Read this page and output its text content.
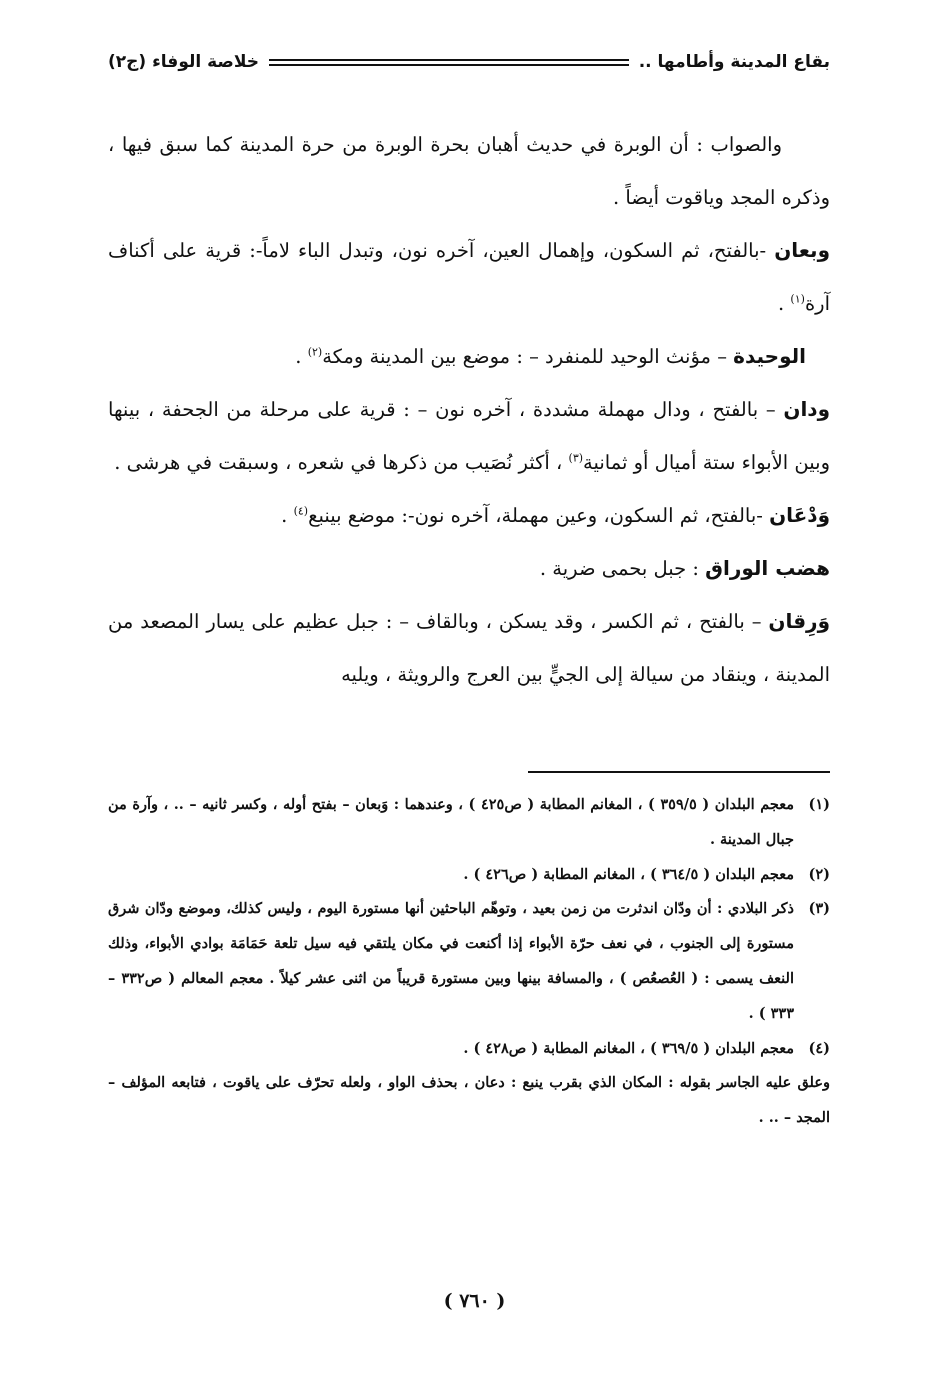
خلاصة الوفاء (ج٢)	بقاع المدينة وأطامها ..

والصواب : أن الوبرة في حديث أهبان بحرة الوبرة من حرة المدينة كما سبق فيها ، وذكره المجد وياقوت أيضاً .

وبعان -بالفتح، ثم السكون، وإهمال العين، آخره نون، وتبدل الباء لاماً-: قرية على أكناف آرة$^{(١)}$ .

الوحيدة – مؤنث الوحيد للمنفرد – : موضع بين المدينة ومكة$^{(٢)}$ .

ودان – بالفتح ، ودال مهملة مشددة ، آخره نون – : قرية على مرحلة من الجحفة ، بينها وبين الأبواء ستة أميال أو ثمانية$^{(٣)}$ ، أكثر نُصَيب من ذكرها في شعره ، وسبقت في هرشى .

وَدْعَان -بالفتح، ثم السكون، وعين مهملة، آخره نون-: موضع بينبع$^{(٤)}$ .

هضب الوراق : جبل بحمى ضرية .

وَرِقان – بالفتح ، ثم الكسر ، وقد يسكن ، وبالقاف – : جبل عظيم على يسار المصعد من المدينة ، وينقاد من سيالة إلى الجيٍّ بين العرج والرويثة ، ويليه

(١)
معجم البلدان ( ٣٥٩/٥ ) ، المغانم المطابة ( ص٤٢٥ ) ، وعندهما : وَبعان – بفتح أوله ، وكسر ثانيه – .. ، وآرة من جبال المدينة .
(٢)
معجم البلدان ( ٣٦٤/٥ ) ، المغانم المطابة ( ص٤٢٦ ) .
(٣)
ذكر البلادي : أن ودّان اندثرت من زمن بعيد ، وتوهّم الباحثين أنها مستورة اليوم ، وليس كذلك، وموضع ودّان شرق مستورة إلى الجنوب ، في نعف حرّة الأبواء إذا أكنعت في مكان يلتقي فيه سيل تلعة حَمَامَة بوادي الأبواء، وذلك النعف يسمى : ( العُصعُص ) ، والمسافة بينها وبين مستورة قريباً من اثنى عشر كيلاً . معجم المعالم ( ص٣٣٢ – ٣٣٣ ) .
(٤)
معجم البلدان ( ٣٦٩/٥ ) ، المغانم المطابة ( ص٤٢٨ ) .

وعلق عليه الجاسر بقوله : المكان الذي بقرب ينبع : دعان ، بحذف الواو ، ولعله تحرّف على ياقوت ، فتابعه المؤلف – المجد – .. .

( ٧٦٠ )
